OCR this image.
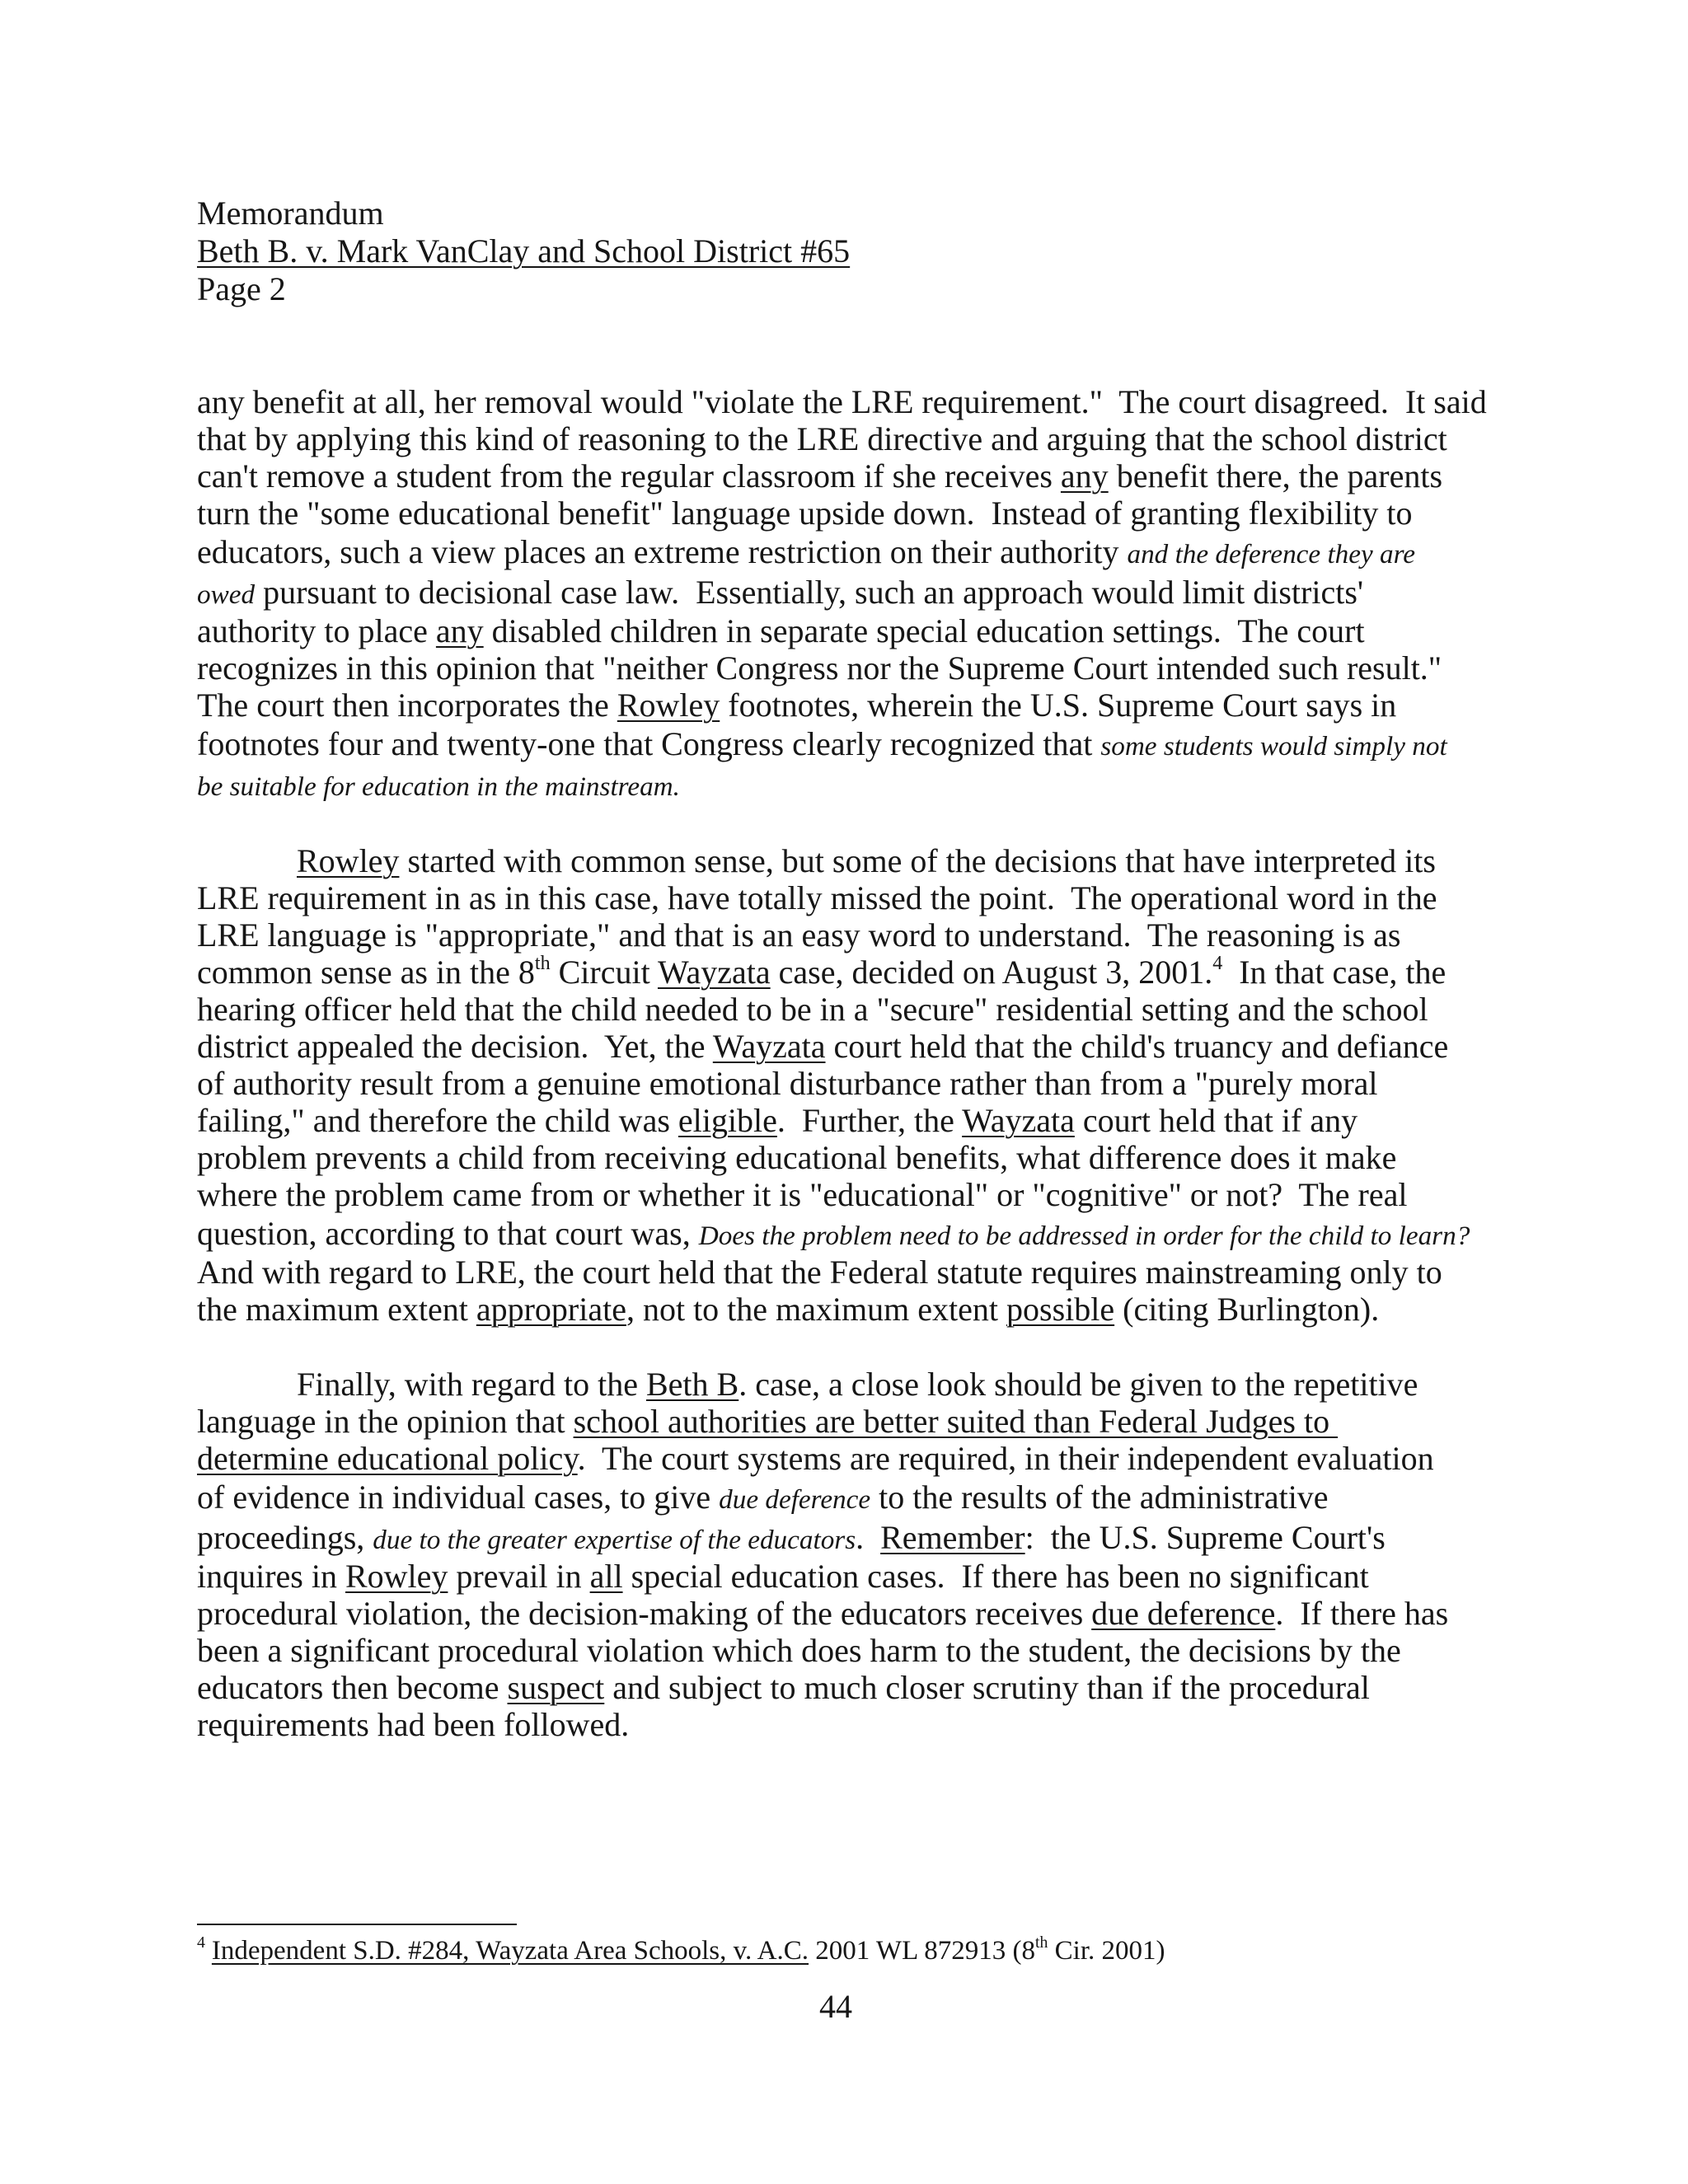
Memorandum
Beth B. v. Mark VanClay and School District #65
Page 2
any benefit at all, her removal would "violate the LRE requirement."  The court disagreed.  It said
that by applying this kind of reasoning to the LRE directive and arguing that the school district
can't remove a student from the regular classroom if she receives any benefit there, the parents
turn the "some educational benefit" language upside down.  Instead of granting flexibility to
educators, such a view places an extreme restriction on their authority and the deference they are
owed pursuant to decisional case law.  Essentially, such an approach would limit districts'
authority to place any disabled children in separate special education settings.  The court
recognizes in this opinion that "neither Congress nor the Supreme Court intended such result."
The court then incorporates the Rowley footnotes, wherein the U.S. Supreme Court says in
footnotes four and twenty-one that Congress clearly recognized that some students would simply not
be suitable for education in the mainstream.
Rowley started with common sense, but some of the decisions that have interpreted its
LRE requirement in as in this case, have totally missed the point.  The operational word in the
LRE language is "appropriate," and that is an easy word to understand.  The reasoning is as
common sense as in the 8th Circuit Wayzata case, decided on August 3, 2001.$^4$  In that case, the
hearing officer held that the child needed to be in a "secure" residential setting and the school
district appealed the decision.  Yet, the Wayzata court held that the child's truancy and defiance
of authority result from a genuine emotional disturbance rather than from a "purely moral
failing," and therefore the child was eligible.  Further, the Wayzata court held that if any
problem prevents a child from receiving educational benefits, what difference does it make
where the problem came from or whether it is "educational" or "cognitive" or not?  The real
question, according to that court was, Does the problem need to be addressed in order for the child to learn?
And with regard to LRE, the court held that the Federal statute requires mainstreaming only to
the maximum extent appropriate, not to the maximum extent possible (citing Burlington).
Finally, with regard to the Beth B. case, a close look should be given to the repetitive
language in the opinion that school authorities are better suited than Federal Judges to
determine educational policy.  The court systems are required, in their independent evaluation
of evidence in individual cases, to give due deference to the results of the administrative
proceedings, due to the greater expertise of the educators.  Remember:  the U.S. Supreme Court's
inquires in Rowley prevail in all special education cases.  If there has been no significant
procedural violation, the decision-making of the educators receives due deference.  If there has
been a significant procedural violation which does harm to the student, the decisions by the
educators then become suspect and subject to much closer scrutiny than if the procedural
requirements had been followed.
$^4$ Independent S.D. #284, Wayzata Area Schools, v. A.C. 2001 WL 872913 (8th Cir. 2001)
44
